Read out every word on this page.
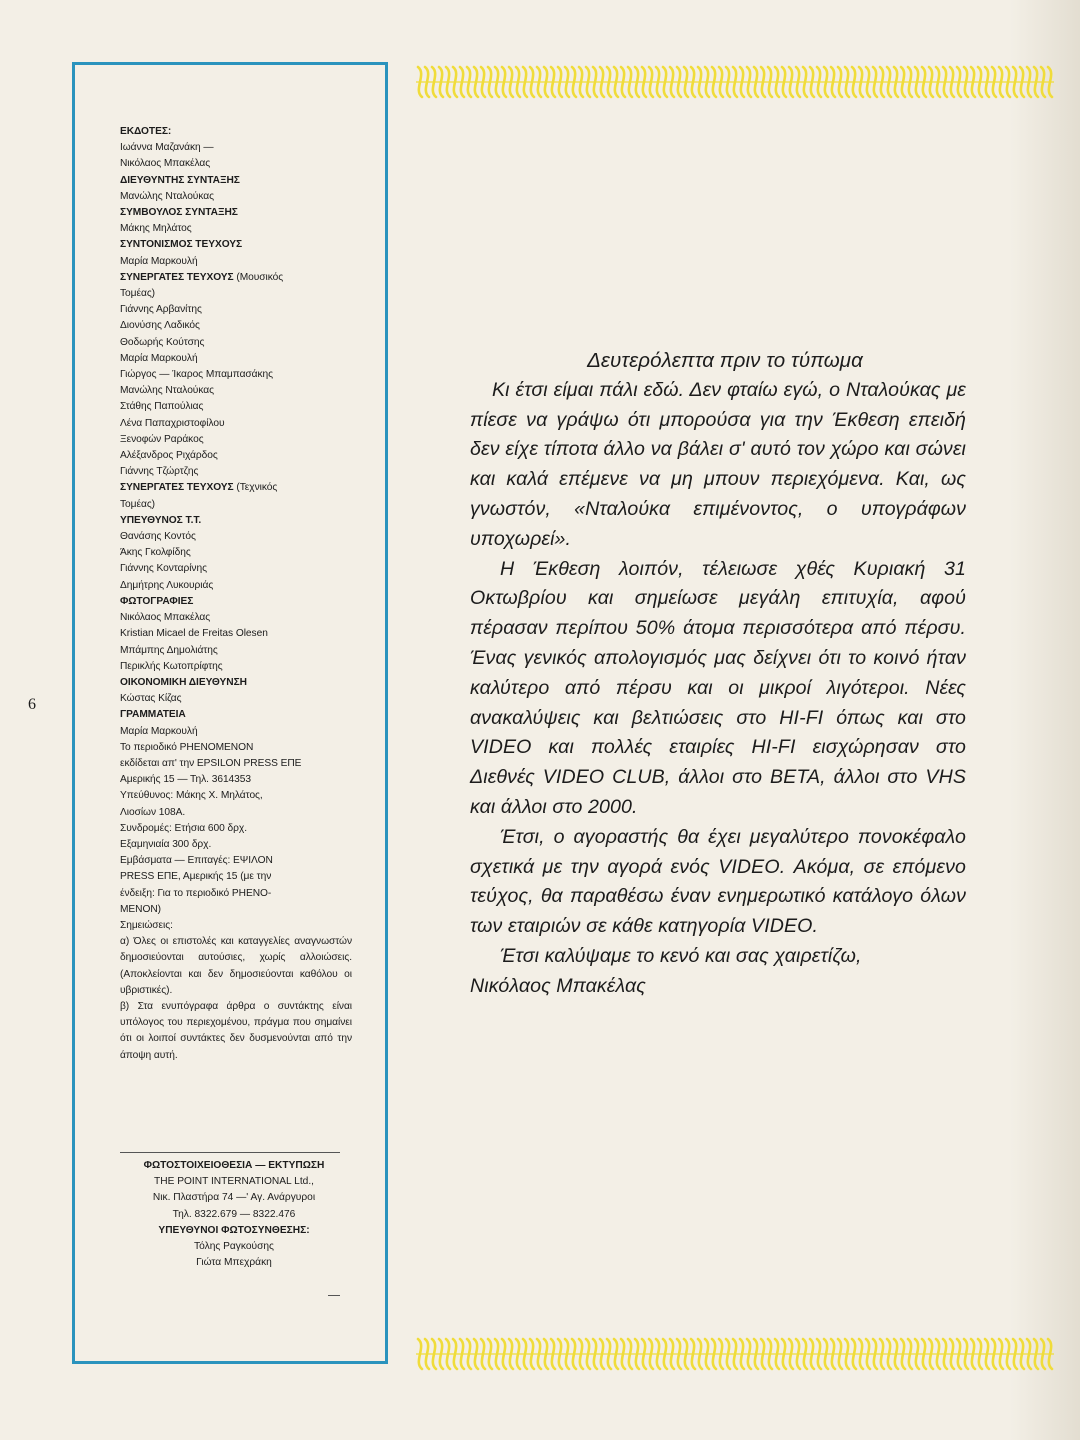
ΕΚΔΟΤΕΣ:
Ιωάννα Μαζανάκη —
Νικόλαος Μπακέλας
ΔΙΕΥΘΥΝΤΗΣ ΣΥΝΤΑΞΗΣ
Μανώλης Νταλούκας
ΣΥΜΒΟΥΛΟΣ ΣΥΝΤΑΞΗΣ
Μάκης Μηλάτος
ΣΥΝΤΟΝΙΣΜΟΣ ΤΕΥΧΟΥΣ
Μαρία Μαρκουλή
ΣΥΝΕΡΓΑΤΕΣ ΤΕΥΧΟΥΣ (Μουσικός
Τομέας)
Γιάννης Αρβανίτης
Διονύσης Λαδικός
Θοδωρής Κούτσης
Μαρία Μαρκουλή
Γιώργος — Ίκαρος Μπαμπασάκης
Μανώλης Νταλούκας
Στάθης Παπούλιας
Λένα Παπαχριστοφίλου
Ξενοφών Ραράκος
Αλέξανδρος Ριχάρδος
Γιάννης Τζώρτζης
ΣΥΝΕΡΓΑΤΕΣ ΤΕΥΧΟΥΣ (Τεχνικός
Τομέας)
ΥΠΕΥΘΥΝΟΣ Τ.Τ.
Θανάσης Κοντός
Άκης Γκολφίδης
Γιάννης Κονταρίνης
Δημήτρης Λυκουριάς
ΦΩΤΟΓΡΑΦΙΕΣ
Νικόλαος Μπακέλας
Kristian Micael de Freitas Olesen
Μπάμπης Δημολιάτης
Περικλής Κωτοπρίφτης
ΟΙΚΟΝΟΜΙΚΗ ΔΙΕΥΘΥΝΣΗ
Κώστας Κίζας
ΓΡΑΜΜΑΤΕΙΑ
Μαρία Μαρκουλή
Το περιοδικό PHENOMENON
εκδίδεται απ' την EPSILON PRESS ΕΠΕ
Αμερικής 15 — Τηλ. 3614353
Υπεύθυνος: Μάκης Χ. Μηλάτος,
Λιοσίων 108Α.
Συνδρομές: Ετήσια 600 δρχ.
Εξαμηνιαία 300 δρχ.
Εμβάσματα — Επιταγές: ΕΨΙΛΟΝ
PRESS ΕΠΕ, Αμερικής 15 (με την
ένδειξη: Για το περιοδικό PHENO-
MENON)
Σημειώσεις:
α) Όλες οι επιστολές και καταγγελίες αναγνωστών δημοσιεύονται αυτούσιες, χωρίς αλλοιώσεις. (Αποκλείονται και δεν δημοσιεύονται καθόλου οι υβριστικές).
β) Στα ενυπόγραφα άρθρα ο συντάκτης είναι υπόλογος του περιεχομένου, πράγμα που σημαίνει ότι οι λοιποί συντάκτες δεν δυσμενούνται από την άποψη αυτή.
ΦΩΤΟΣΤΟΙΧΕΙΟΘΕΣΙΑ — ΕΚΤΥΠΩΣΗ
THE POINT INTERNATIONAL Ltd.,
Νικ. Πλαστήρα 74 —' Αγ. Ανάργυροι
Τηλ. 8322.679 — 8322.476
ΥΠΕΥΘΥΝΟΙ ΦΩΤΟΣΥΝΘΕΣΗΣ:
Τόλης Ραγκούσης
Γιώτα Μπεχράκη
6
Δευτερόλεπτα πριν το τύπωμα

Κι έτσι είμαι πάλι εδώ. Δεν φταίω εγώ, ο Νταλούκας με πίεσε να γράψω ότι μπορούσα για την Έκθεση επειδή δεν είχε τίποτα άλλο να βάλει σ' αυτό τον χώρο και σώνει και καλά επέμενε να μη μπουν περιεχόμενα. Και, ως γνωστόν, «Νταλούκα επιμένοντος, ο υπογράφων υποχωρεί».

Η Έκθεση λοιπόν, τέλειωσε χθές Κυριακή 31 Οκτωβρίου και σημείωσε μεγάλη επιτυχία, αφού πέρασαν περίπου 50% άτομα περισσότερα από πέρσυ. Ένας γενικός απολογισμός μας δείχνει ότι το κοινό ήταν καλύτερο από πέρσυ και οι μικροί λιγότεροι. Νέες ανακαλύψεις και βελτιώσεις στο HI-FI όπως και στο VIDEO και πολλές εταιρίες HI-FI εισχώρησαν στο Διεθνές VIDEO CLUB, άλλοι στο BETA, άλλοι στο VHS και άλλοι στο 2000.

Έτσι, ο αγοραστής θα έχει μεγαλύτερο πονοκέφαλο σχετικά με την αγορά ενός VIDEO. Ακόμα, σε επόμενο τεύχος, θα παραθέσω έναν ενημερωτικό κατάλογο όλων των εταιριών σε κάθε κατηγορία VIDEO.

Έτσι καλύψαμε το κενό και σας χαιρετίζω,

Νικόλαος Μπακέλας
